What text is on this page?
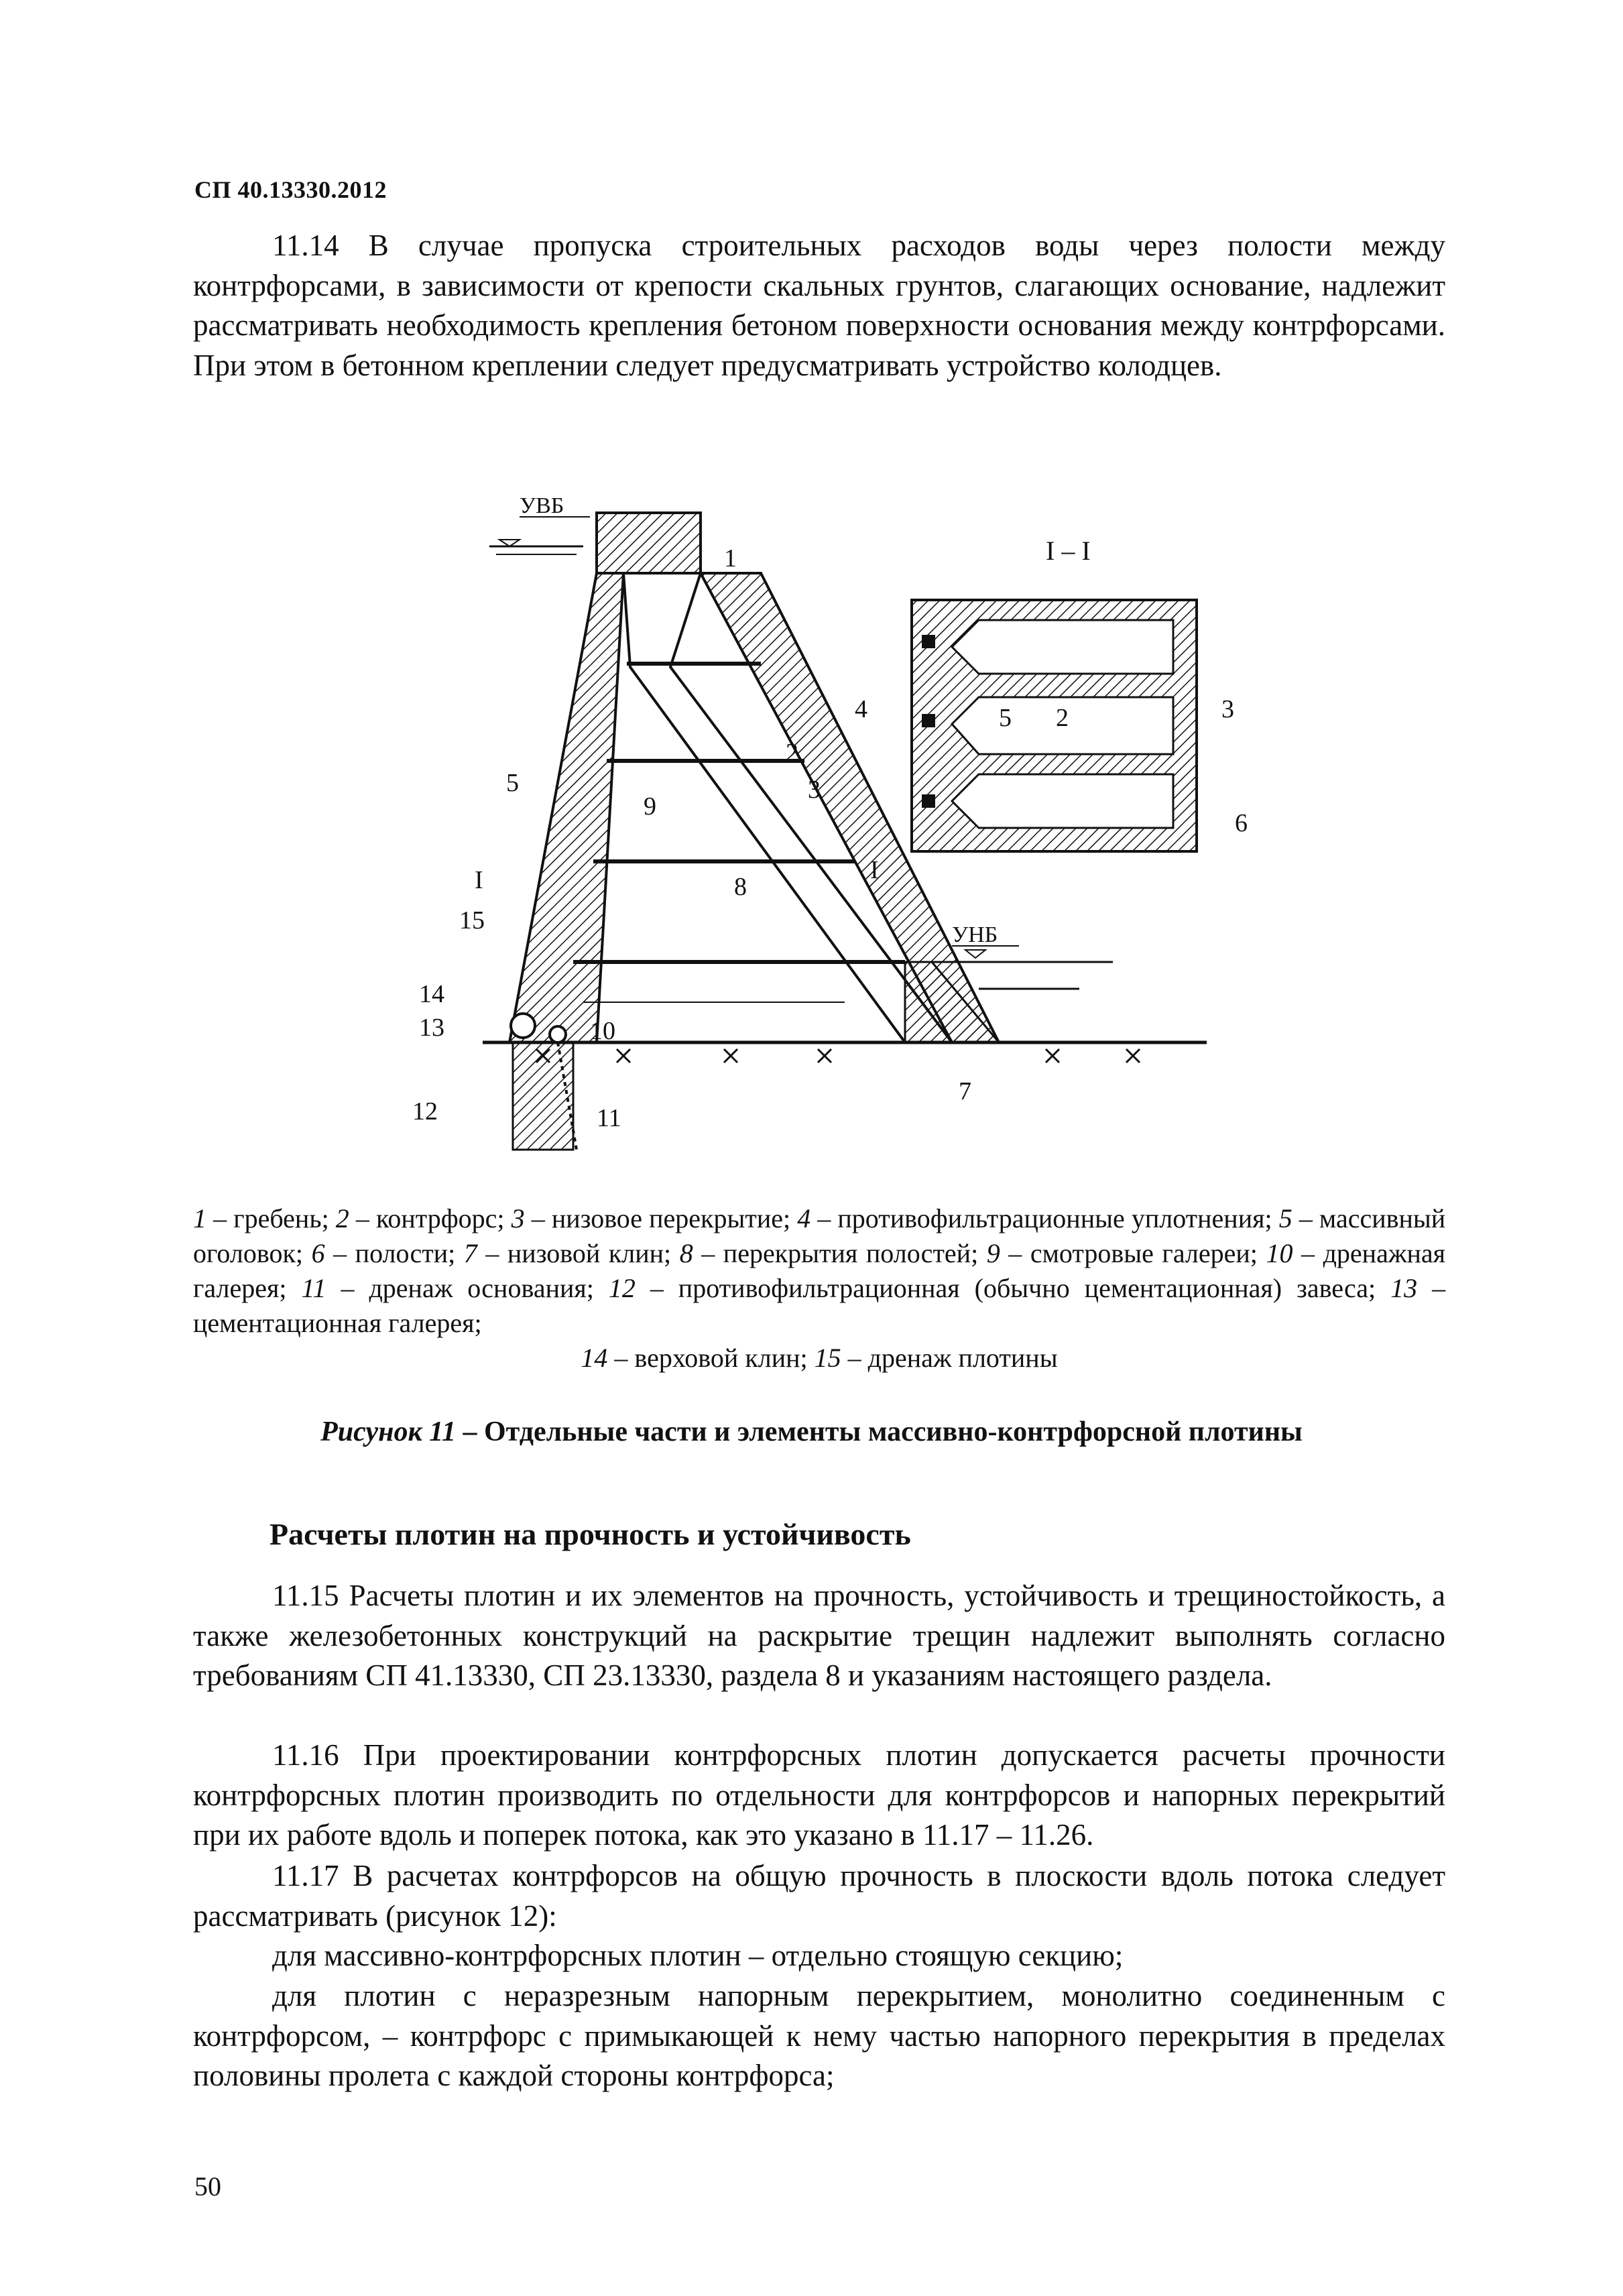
СП 40.13330.2012

11.14 В случае пропуска строительных расходов воды через полости между контрфорсами, в зависимости от крепости скальных грунтов, слагающих основание, надлежит рассматривать необходимость крепления бетоном поверхности основания между контрфорсами. При этом в бетонном креплении следует предусматривать устройство колодцев.

УВБ
УНБ
I	I
1
2
3
5
8
9
15
14
13	10
12	11
7
I – I
4	5 2	3
6

1 – гребень; 2 – контрфорс; 3 – низовое перекрытие; 4 – противофильтрационные уплотнения; 5 – массивный оголовок; 6 – полости; 7 – низовой клин; 8 – перекрытия полостей; 9 – смотровые галереи; 10 – дренажная галерея; 11 – дренаж основания; 12 – противофильтрационная (обычно цементационная) завеса; 13 – цементационная галерея;
14 – верховой клин; 15 – дренаж плотины

Рисунок 11 – Отдельные части и элементы массивно-контрфорсной плотины
Расчеты плотин на прочность и устойчивость

11.15 Расчеты плотин и их элементов на прочность, устойчивость и трещиностойкость, а также железобетонных конструкций на раскрытие трещин надлежит выполнять согласно требованиям СП 41.13330, СП 23.13330, раздела 8 и указаниям настоящего раздела.

11.16 При проектировании контрфорсных плотин допускается расчеты прочности контрфорсных плотин производить по отдельности для контрфорсов и напорных перекрытий при их работе вдоль и поперек потока, как это указано в 11.17 – 11.26.

11.17 В расчетах контрфорсов на общую прочность в плоскости вдоль потока следует рассматривать (рисунок 12):

для массивно-контрфорсных плотин – отдельно стоящую секцию;

для плотин с неразрезным напорным перекрытием, монолитно соединенным с контрфорсом, – контрфорс с примыкающей к нему частью напорного перекрытия в пределах половины пролета с каждой стороны контрфорса;

50
